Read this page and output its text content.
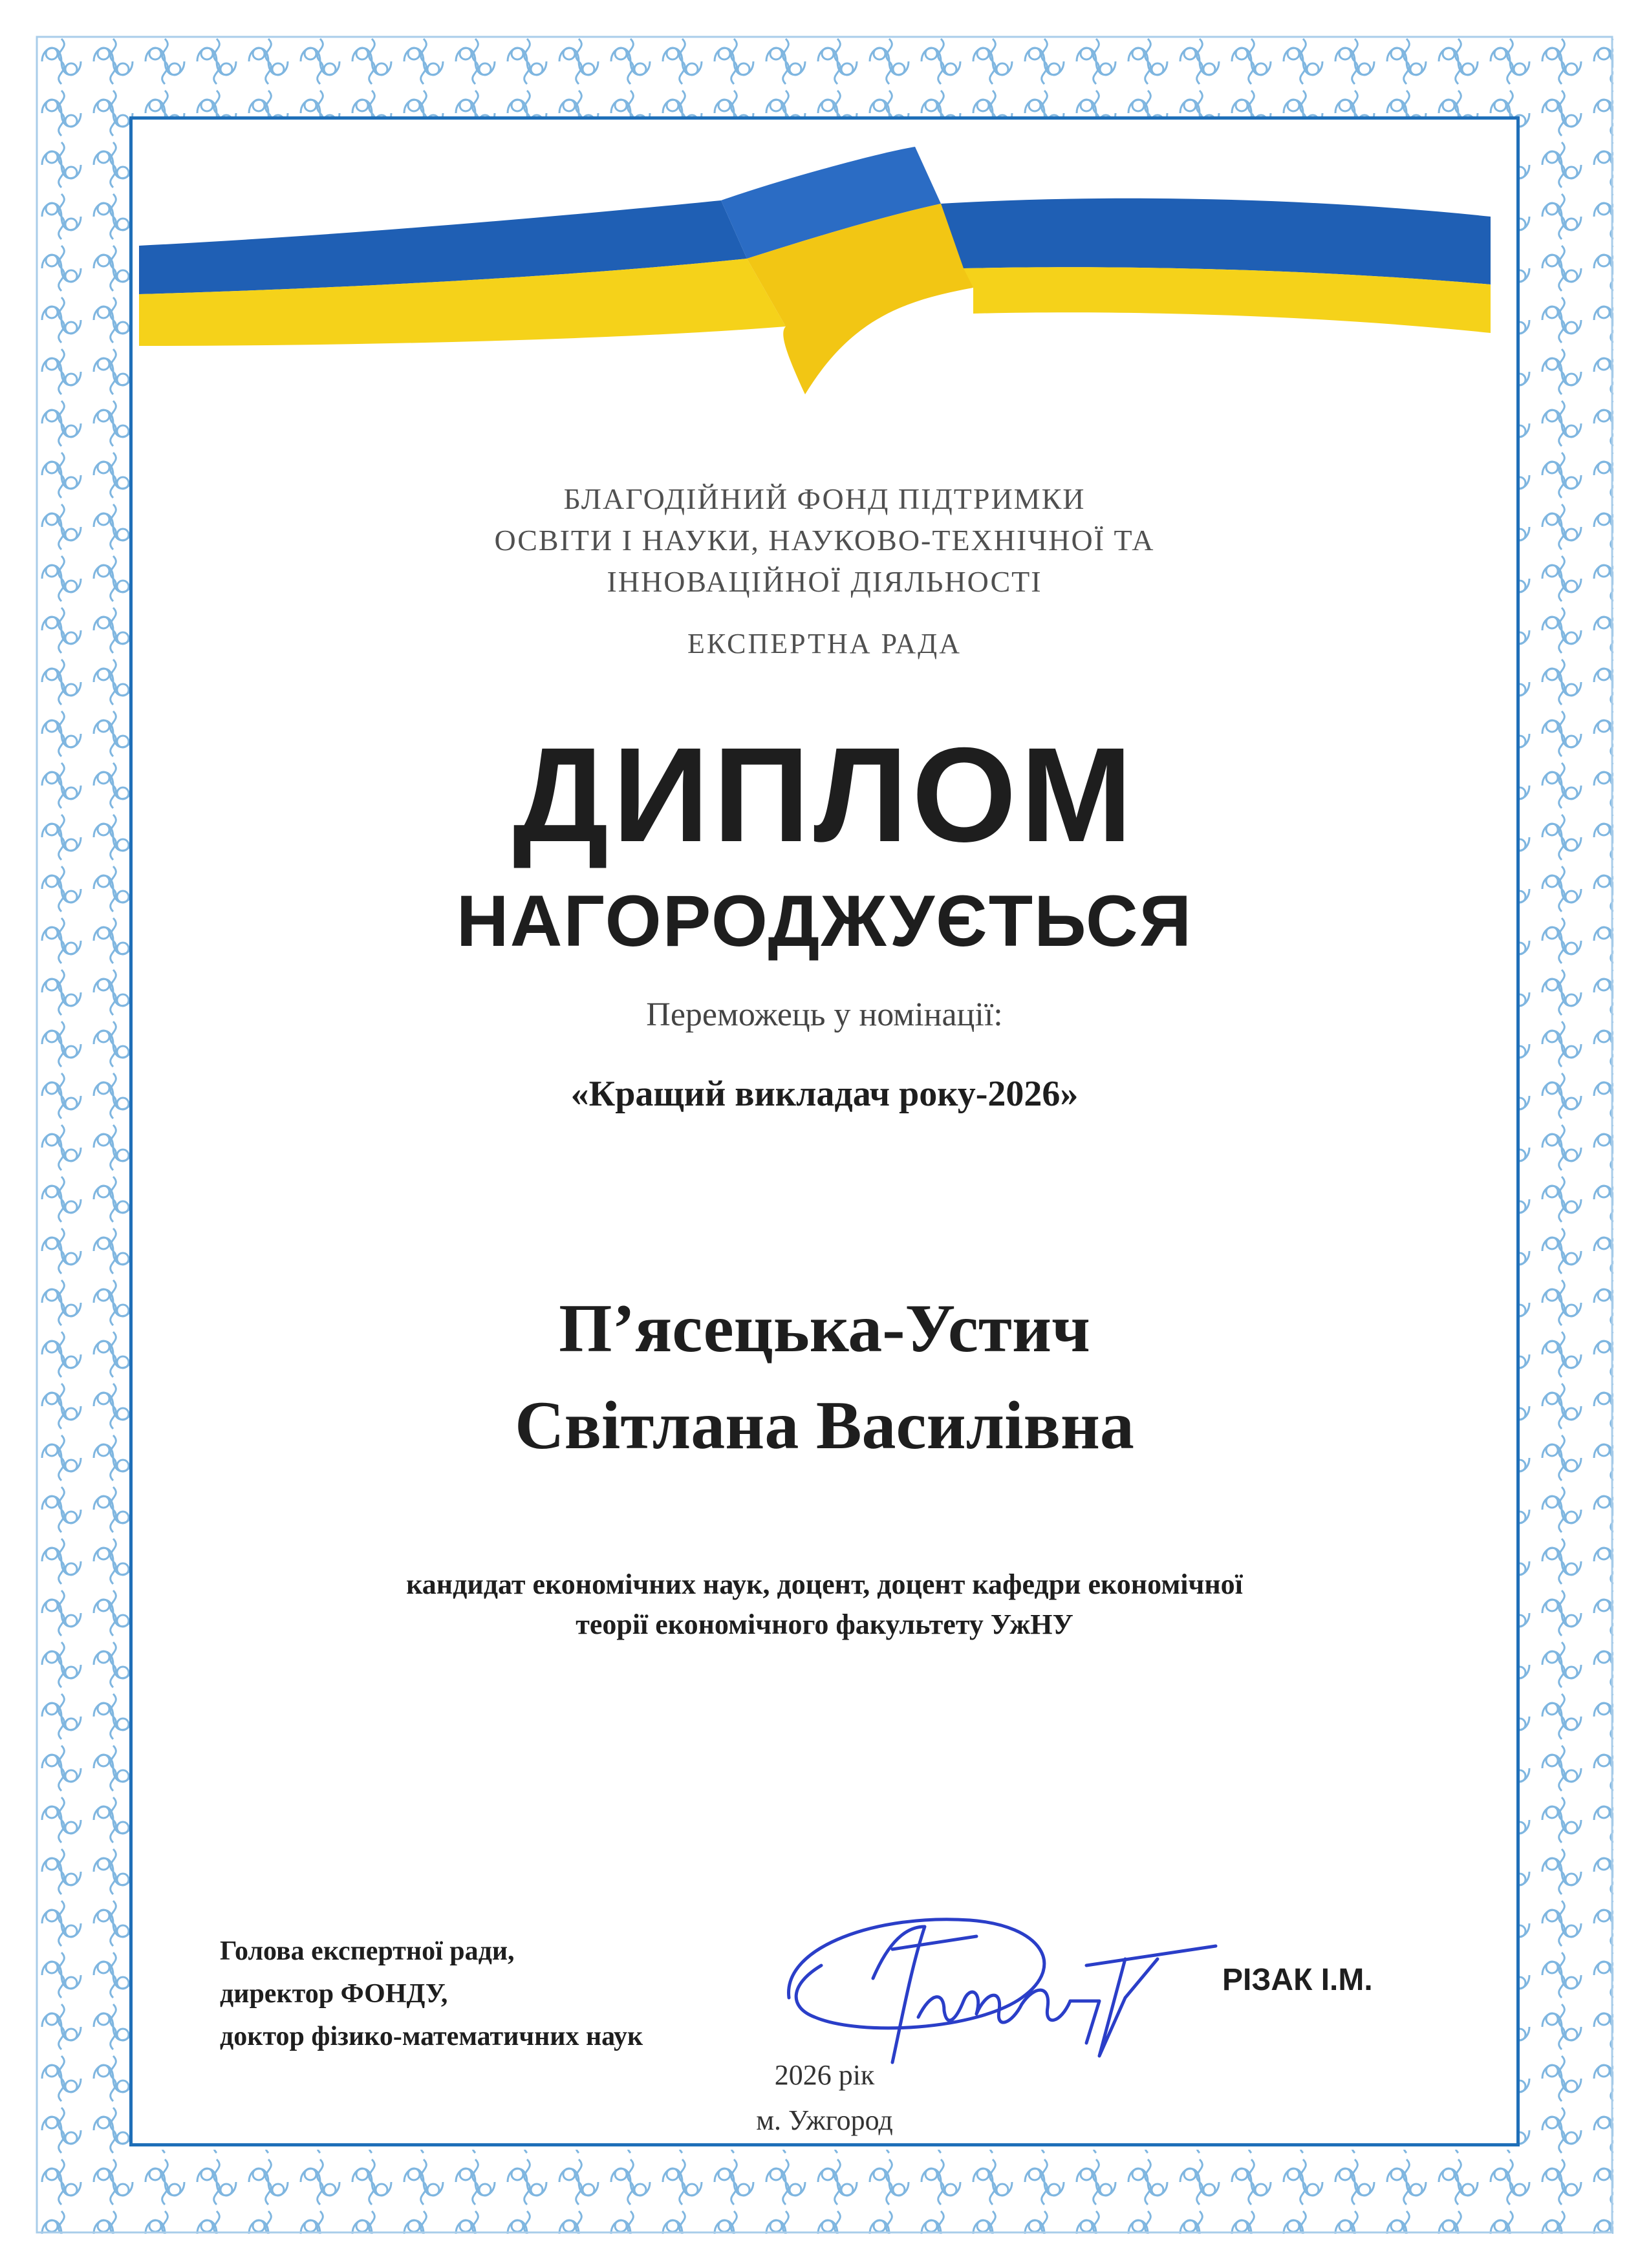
БЛАГОДІЙНИЙ ФОНД ПІДТРИМКИ
ОСВІТИ І НАУКИ, НАУКОВО-ТЕХНІЧНОЇ ТА
ІННОВАЦІЙНОЇ ДІЯЛЬНОСТІ
ЕКСПЕРТНА РАДА
ДИПЛОМ
НАГОРОДЖУЄТЬСЯ
Переможець у номінації:
«Кращий викладач року-2026»
П’ясецька-Устич
Світлана Василівна
кандидат економічних наук, доцент, доцент кафедри економічної
теорії економічного факультету УжНУ
Голова експертної ради,
директор ФОНДУ,
доктор фізико-математичних наук
РІЗАК І.М.
2026 рік
м. Ужгород
